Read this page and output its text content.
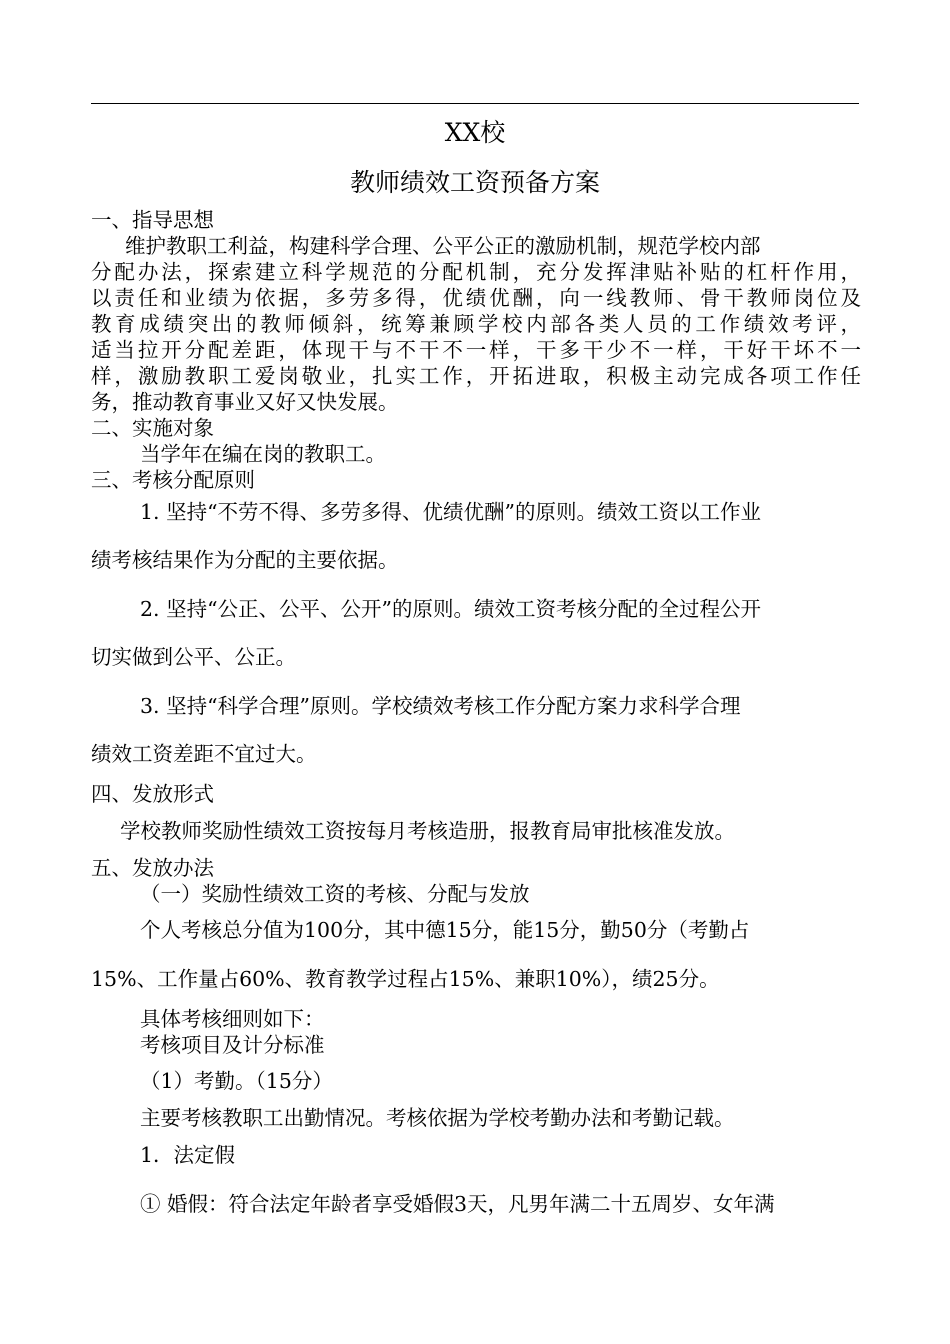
XX校
教师绩效工资预备方案
一、指导思想
维护教职工利益，构建科学合理、公平公正的激励机制，规范学校内部
分配办法，探索建立科学规范的分配机制，充分发挥津贴补贴的杠杆作用，
以责任和业绩为依据，多劳多得，优绩优酬，向一线教师、骨干教师岗位及
教育成绩突出的教师倾斜，统筹兼顾学校内部各类人员的工作绩效考评，
适当拉开分配差距，体现干与不干不一样，干多干少不一样，干好干坏不一
样，激励教职工爱岗敬业，扎实工作，开拓进取，积极主动完成各项工作任
务，推动教育事业又好又快发展。
二、实施对象
当学年在编在岗的教职工。
三、考核分配原则
1. 坚持“不劳不得、多劳多得、优绩优酬”的原则。绩效工资以工作业
绩考核结果作为分配的主要依据。
2. 坚持“公正、公平、公开”的原则。绩效工资考核分配的全过程公开
切实做到公平、公正。
3. 坚持“科学合理”原则。学校绩效考核工作分配方案力求科学合理
绩效工资差距不宜过大。
四、发放形式
学校教师奖励性绩效工资按每月考核造册，报教育局审批核准发放。
五、发放办法
（一）奖励性绩效工资的考核、分配与发放
个人考核总分值为100分，其中德15分，能15分，勤50分（考勤占
15%、工作量占60%、教育教学过程占15%、兼职10%），绩25分。
具体考核细则如下：
考核项目及计分标准
（1）考勤。（15分）
主要考核教职工出勤情况。考核依据为学校考勤办法和考勤记载。
1．法定假
① 婚假：符合法定年龄者享受婚假3天，凡男年满二十五周岁、女年满
